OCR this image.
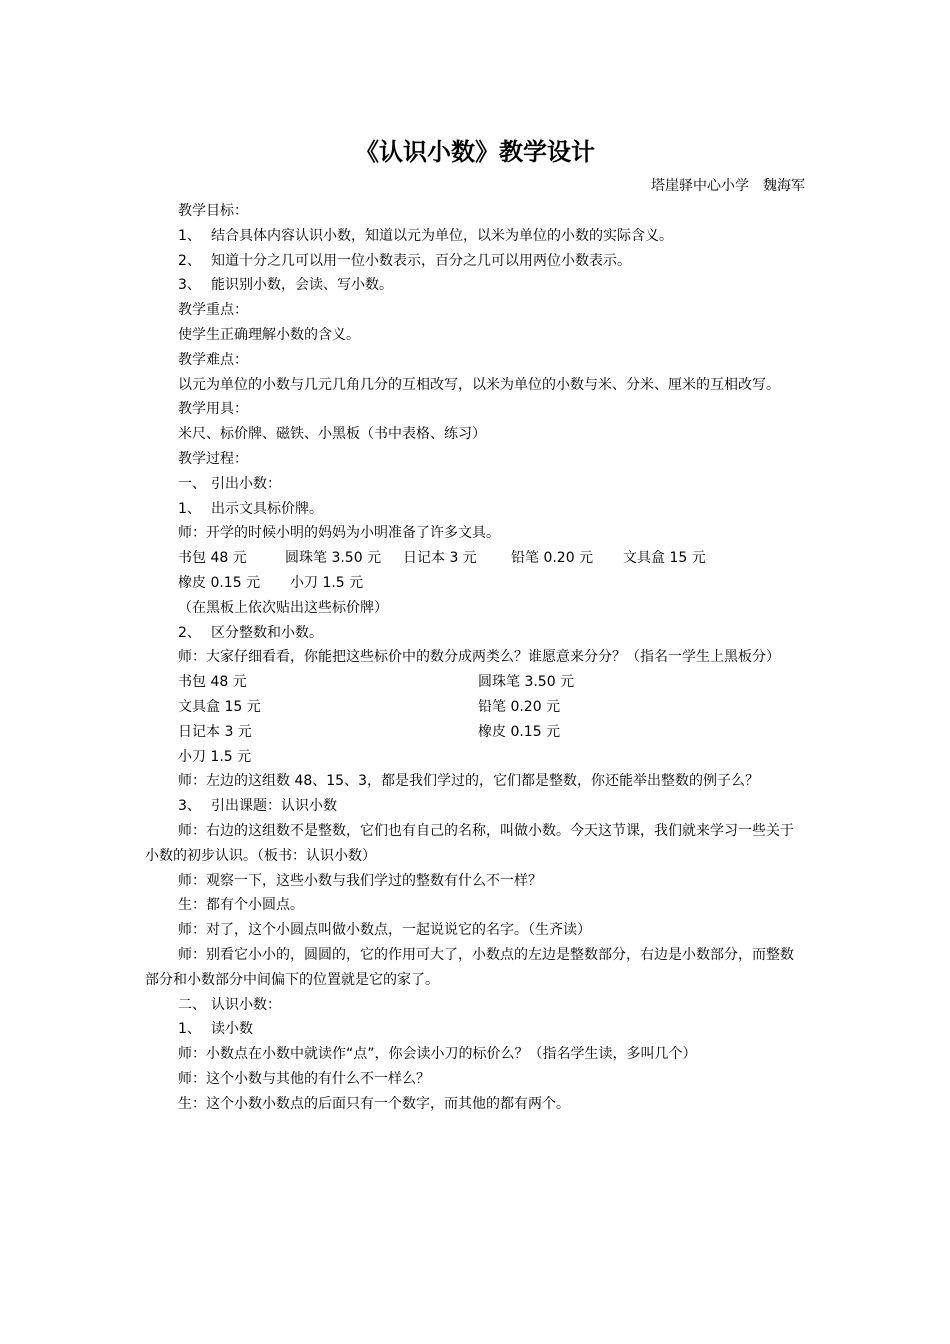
《认识小数》教学设计

塔崖驿中心小学　魏海军

教学目标：

1、 结合具体内容认识小数，知道以元为单位，以米为单位的小数的实际含义。

2、 知道十分之几可以用一位小数表示，百分之几可以用两位小数表示。

3、 能识别小数，会读、写小数。

教学重点：

使学生正确理解小数的含义。

教学难点：

以元为单位的小数与几元几角几分的互相改写，以米为单位的小数与米、分米、厘米的互相改写。

教学用具：

米尺、标价牌、磁铁、小黑板（书中表格、练习）

教学过程：

一、 引出小数：

1、 出示文具标价牌。

师：开学的时候小明的妈妈为小明准备了许多文具。

书包 48 元	圆珠笔 3.50 元 日记本 3 元 铅笔 0.20 元 文具盒 15 元

橡皮 0.15 元 小刀 1.5 元

（在黑板上依次贴出这些标价牌）

2、 区分整数和小数。

师：大家仔细看看，你能把这些标价中的数分成两类么？谁愿意来分分？（指名一学生上黑板分）

书包 48 元	圆珠笔 3.50 元
文具盒 15 元	铅笔 0.20 元
日记本 3 元	橡皮 0.15 元
小刀 1.5 元

师：左边的这组数 48、15、3，都是我们学过的，它们都是整数，你还能举出整数的例子么？

3、 引出课题：认识小数

师：右边的这组数不是整数，它们也有自己的名称，叫做小数。今天这节课，我们就来学习一些关于小数的初步认识。（板书：认识小数）

师：观察一下，这些小数与我们学过的整数有什么不一样？

生：都有个小圆点。

师：对了，这个小圆点叫做小数点，一起说说它的名字。（生齐读）

师：别看它小小的，圆圆的，它的作用可大了，小数点的左边是整数部分，右边是小数部分，而整数部分和小数部分中间偏下的位置就是它的家了。

二、 认识小数：

1、 读小数

师：小数点在小数中就读作“点”，你会读小刀的标价么？（指名学生读，多叫几个）

师：这个小数与其他的有什么不一样么？

生：这个小数小数点的后面只有一个数字，而其他的都有两个。
